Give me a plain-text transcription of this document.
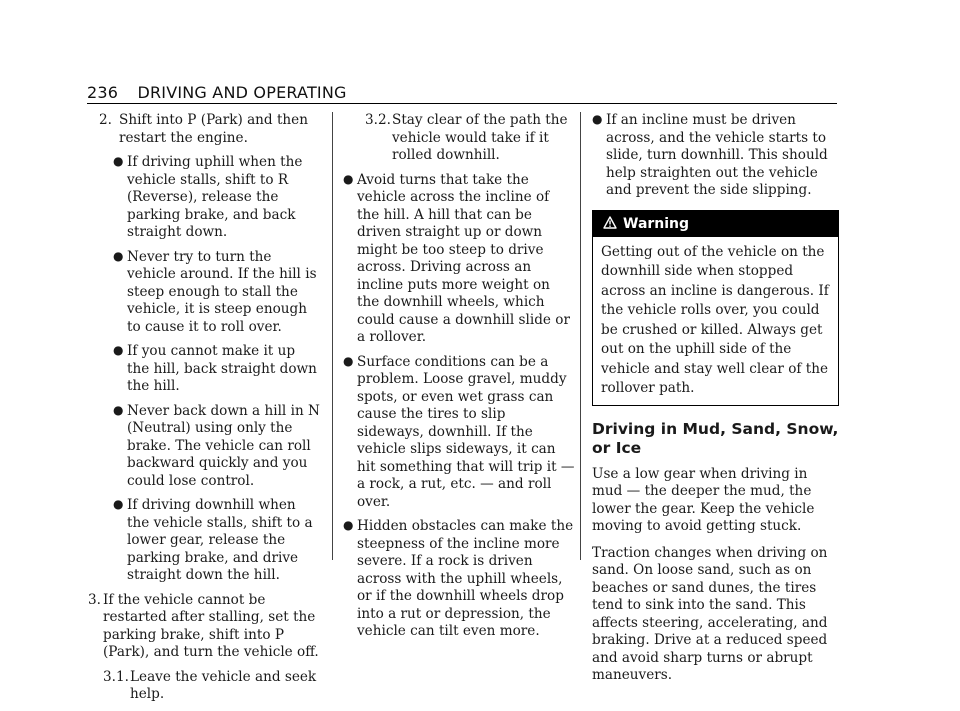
236 DRIVING AND OPERATING
2. Shift into P (Park) and then restart the engine.
● If driving uphill when the vehicle stalls, shift to R (Reverse), release the parking brake, and back straight down.
● Never try to turn the vehicle around. If the hill is steep enough to stall the vehicle, it is steep enough to cause it to roll over.
● If you cannot make it up the hill, back straight down the hill.
● Never back down a hill in N (Neutral) using only the brake. The vehicle can roll backward quickly and you could lose control.
● If driving downhill when the vehicle stalls, shift to a lower gear, release the parking brake, and drive straight down the hill.
3. If the vehicle cannot be restarted after stalling, set the parking brake, shift into P (Park), and turn the vehicle off.
3.1. Leave the vehicle and seek help.
3.2. Stay clear of the path the vehicle would take if it rolled downhill.
● Avoid turns that take the vehicle across the incline of the hill. A hill that can be driven straight up or down might be too steep to drive across. Driving across an incline puts more weight on the downhill wheels, which could cause a downhill slide or a rollover.
● Surface conditions can be a problem. Loose gravel, muddy spots, or even wet grass can cause the tires to slip sideways, downhill. If the vehicle slips sideways, it can hit something that will trip it — a rock, a rut, etc. — and roll over.
● Hidden obstacles can make the steepness of the incline more severe. If a rock is driven across with the uphill wheels, or if the downhill wheels drop into a rut or depression, the vehicle can tilt even more.
● If an incline must be driven across, and the vehicle starts to slide, turn downhill. This should help straighten out the vehicle and prevent the side slipping.
Warning
Getting out of the vehicle on the downhill side when stopped across an incline is dangerous. If the vehicle rolls over, you could be crushed or killed. Always get out on the uphill side of the vehicle and stay well clear of the rollover path.
Driving in Mud, Sand, Snow, or Ice
Use a low gear when driving in mud — the deeper the mud, the lower the gear. Keep the vehicle moving to avoid getting stuck.
Traction changes when driving on sand. On loose sand, such as on beaches or sand dunes, the tires tend to sink into the sand. This affects steering, accelerating, and braking. Drive at a reduced speed and avoid sharp turns or abrupt maneuvers.
